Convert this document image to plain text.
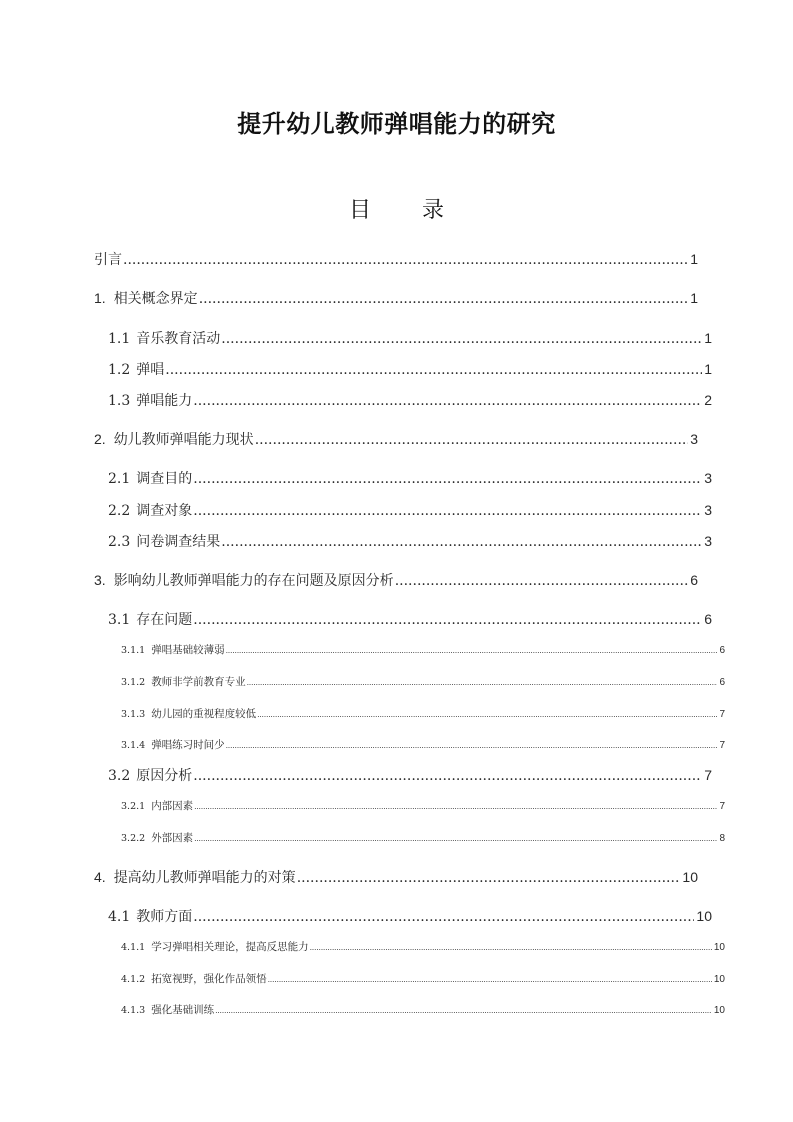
提升幼儿教师弹唱能力的研究
目 录
引言 .....	1
1. 相关概念界定 .....	1
1.1 音乐教育活动 .....	1
1.2 弹唱 .....	1
1.3 弹唱能力 .....	2
2. 幼儿教师弹唱能力现状 .....	3
2.1 调查目的 .....	3
2.2 调查对象 .....	3
2.3 问卷调查结果 .....	3
3. 影响幼儿教师弹唱能力的存在问题及原因分析 .....	6
3.1 存在问题 .....	6
3.1.1 弹唱基础较薄弱 .....	6
3.1.2 教师非学前教育专业 .....	6
3.1.3 幼儿园的重视程度较低 .....	7
3.1.4 弹唱练习时间少 .....	7
3.2 原因分析 .....	7
3.2.1 内部因素 .....	7
3.2.2 外部因素 .....	8
4. 提高幼儿教师弹唱能力的对策 .....	10
4.1 教师方面 .....	10
4.1.1 学习弹唱相关理论，提高反思能力 .....	10
4.1.2 拓宽视野，强化作品领悟 .....	10
4.1.3 强化基础训练 .....	10
